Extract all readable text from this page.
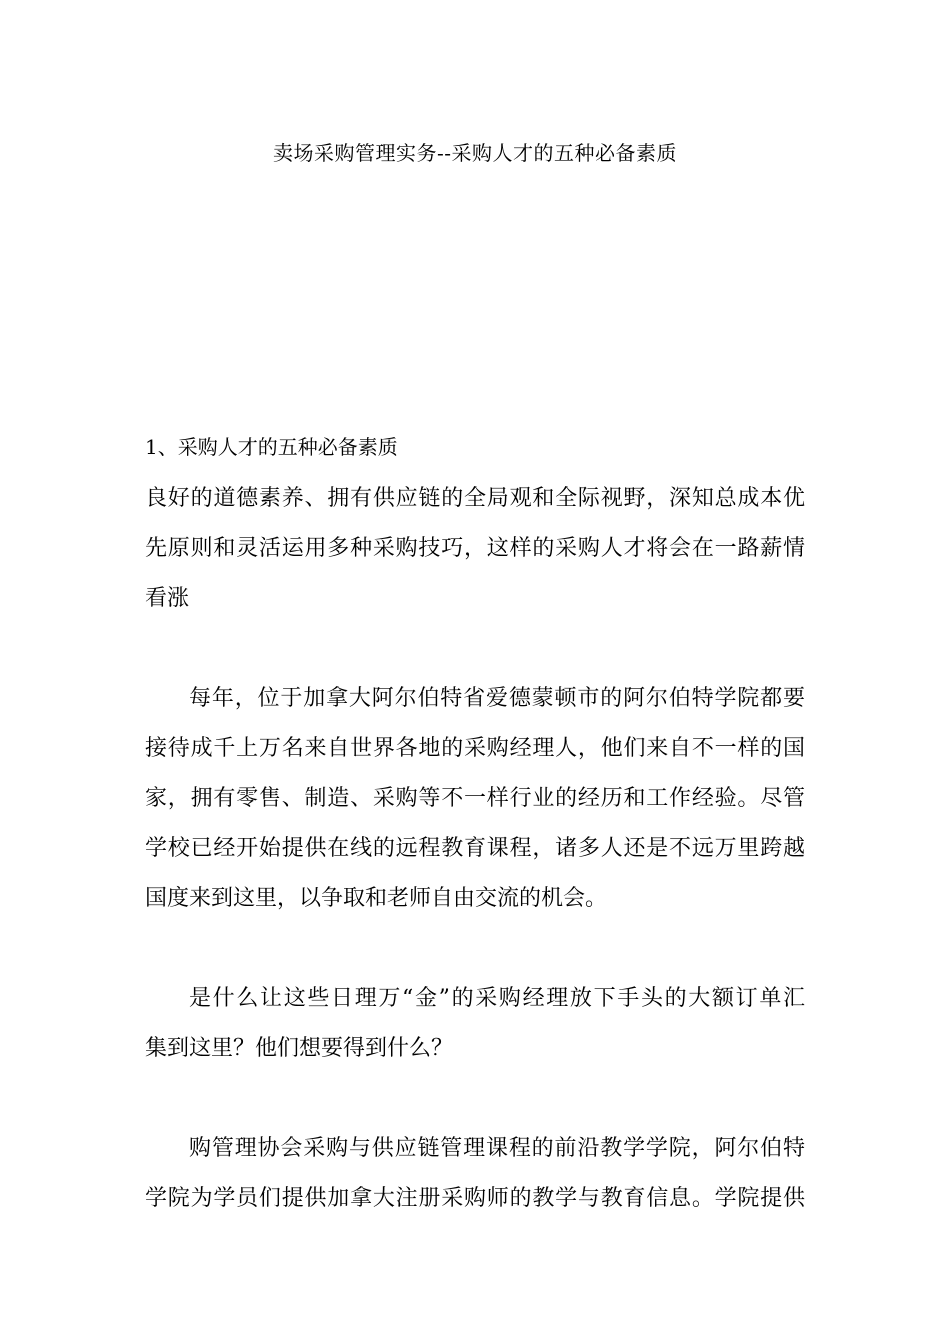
卖场采购管理实务--采购人才的五种必备素质
1、采购人才的五种必备素质
良好的道德素养、拥有供应链的全局观和全际视野，深知总成本优
先原则和灵活运用多种采购技巧，这样的采购人才将会在一路薪情
看涨
每年，位于加拿大阿尔伯特省爱德蒙顿市的阿尔伯特学院都要
接待成千上万名来自世界各地的采购经理人，他们来自不一样的国
家，拥有零售、制造、采购等不一样行业的经历和工作经验。尽管
学校已经开始提供在线的远程教育课程，诸多人还是不远万里跨越
国度来到这里，以争取和老师自由交流的机会。
是什么让这些日理万“金”的采购经理放下手头的大额订单汇
集到这里？他们想要得到什么？
购管理协会采购与供应链管理课程的前沿教学学院，阿尔伯特
学院为学员们提供加拿大注册采购师的教学与教育信息。学院提供
